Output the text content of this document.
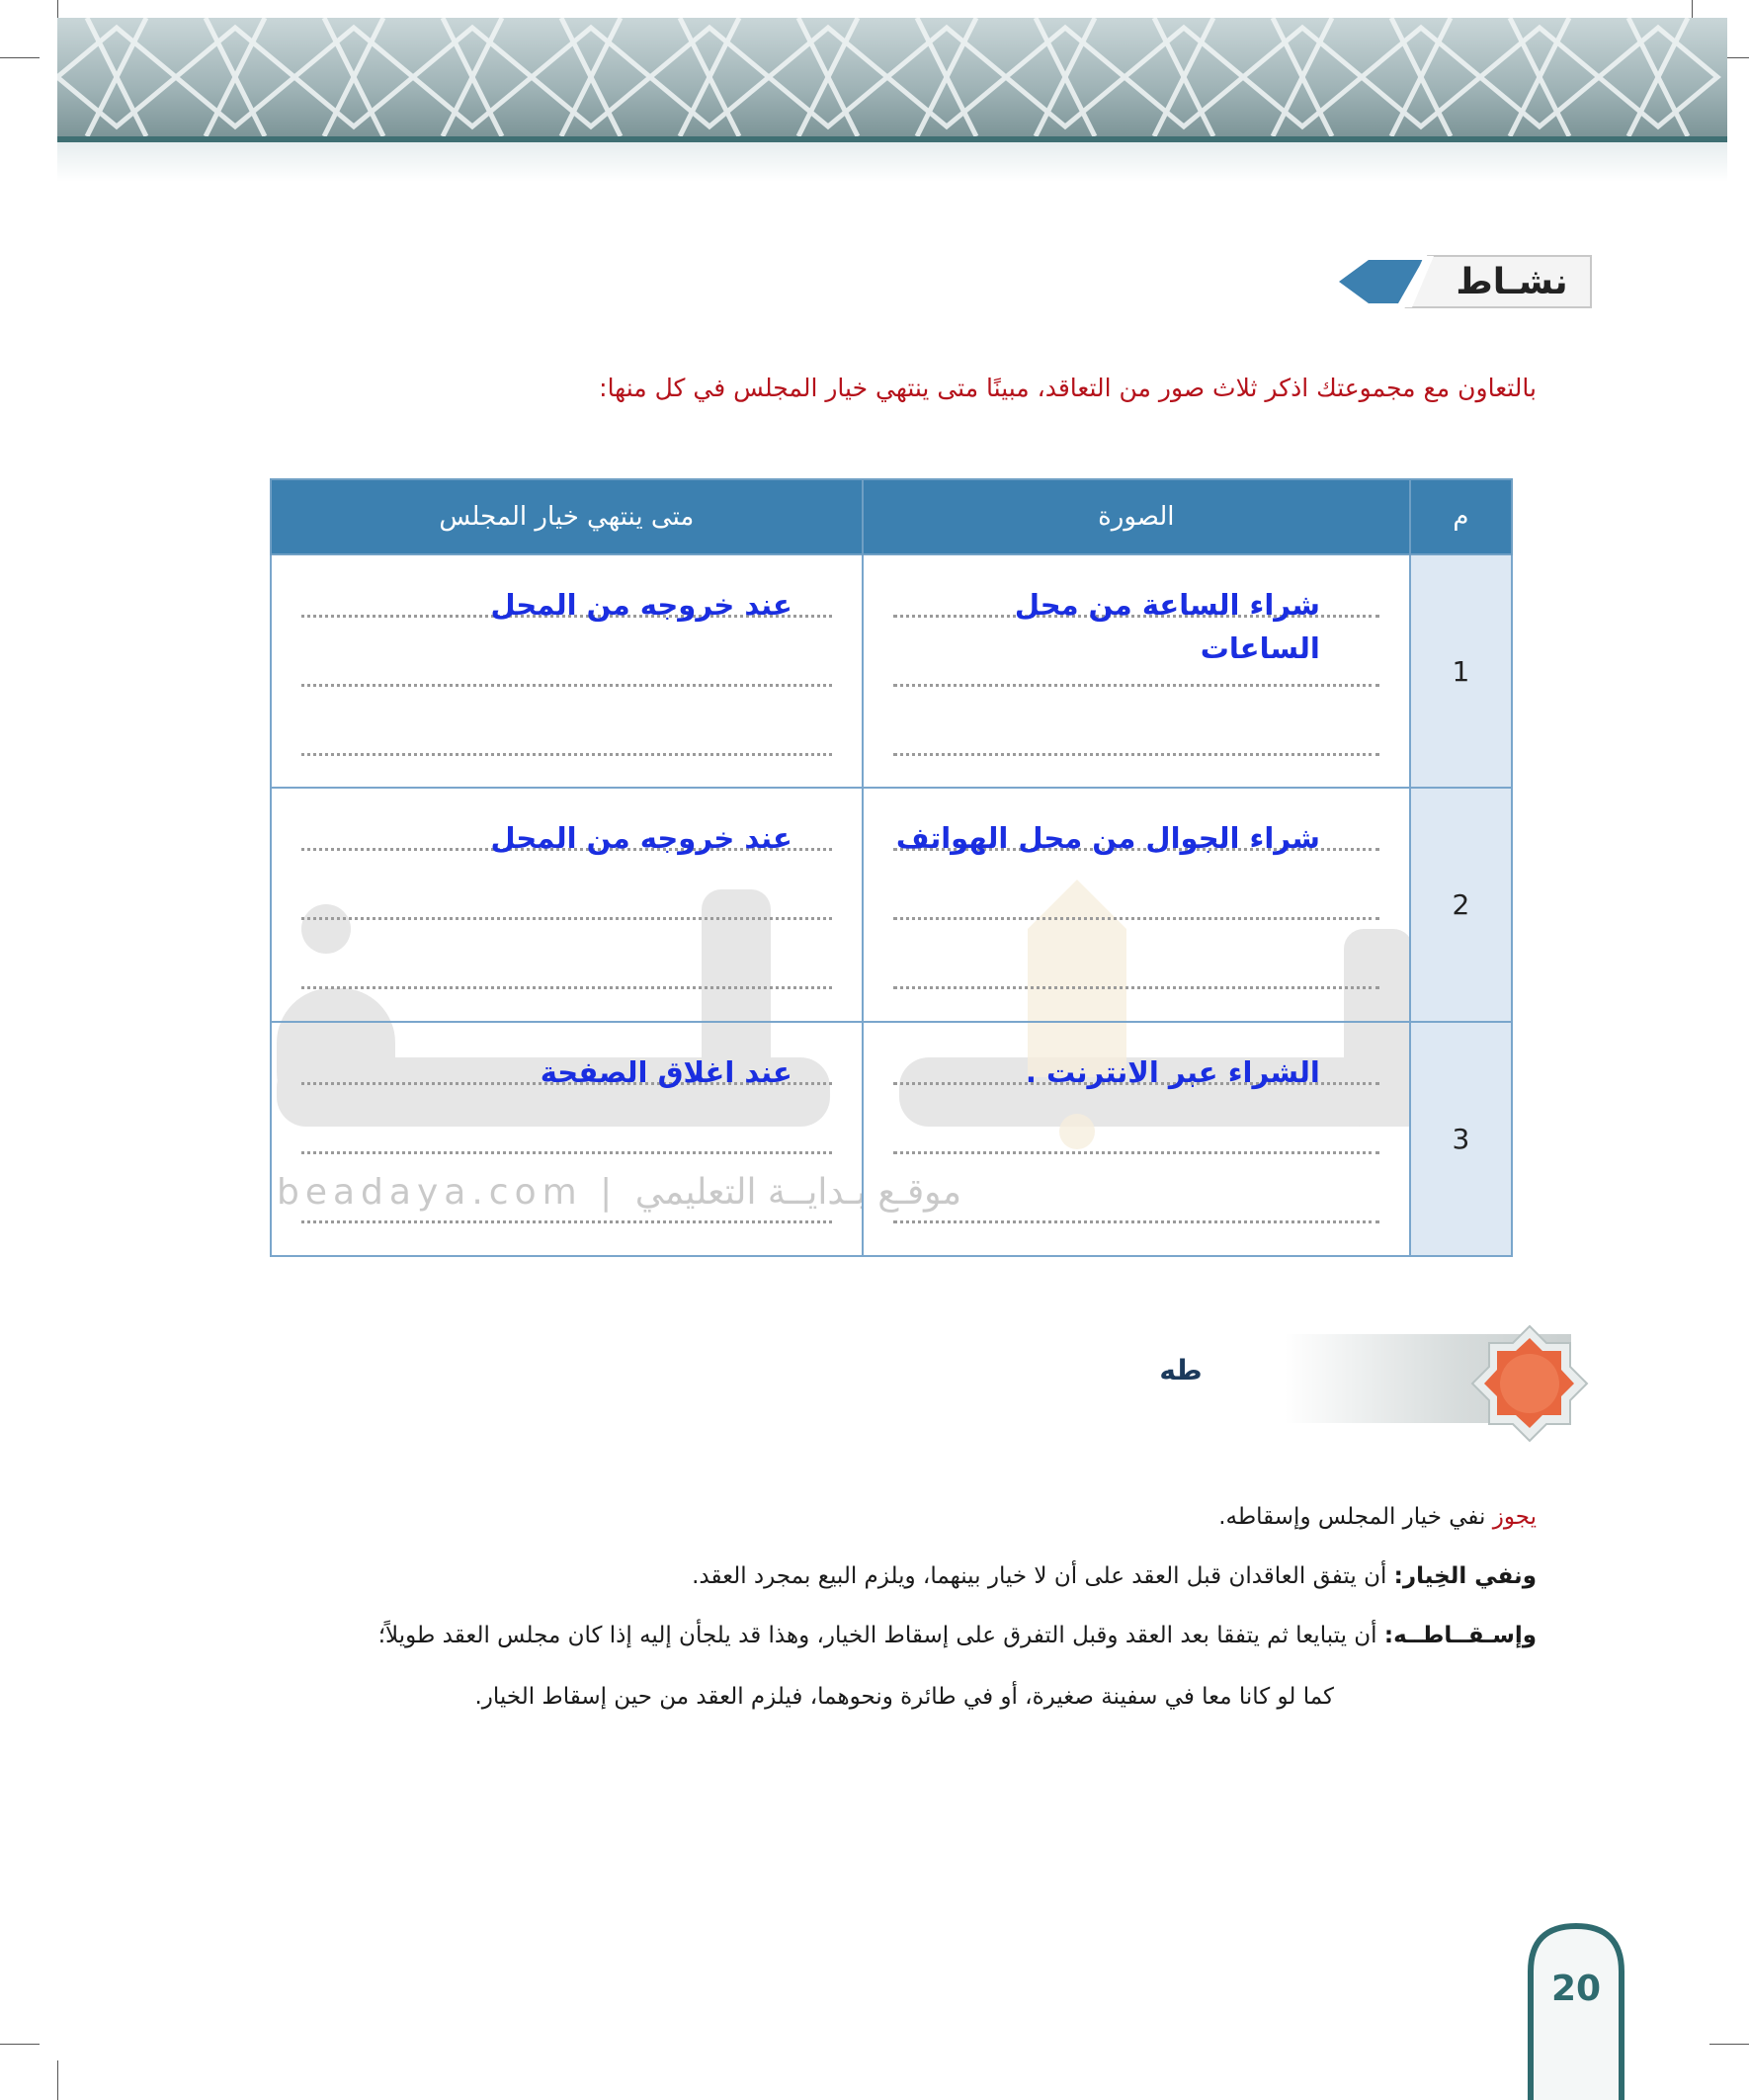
نشـاط
بالتعاون مع مجموعتك اذكر ثلاث صور من التعاقد، مبينًا متى ينتهي خيار المجلس في كل منها:
beadaya.com | موقـع بـدايــة التعليمي
م	الصورة	متى ينتهي خيار المجلس
1	شراء الساعة من محل الساعات	عند خروجه من المحل

2	شراء الجوال من محل الهواتف	عند خروجه من المحل

3	الشراء عبر الانترنت .	عند اغلاق الصفحة
طه
يجوز نفي خيار المجلس وإسقاطه.
ونفي الخِيار: أن يتفق العاقدان قبل العقد على أن لا خيار بينهما، ويلزم البيع بمجرد العقد.
وإسـقــاطــه: أن يتبايعا ثم يتفقا بعد العقد وقبل التفرق على إسقاط الخيار، وهذا قد يلجأن إليه إذا كان مجلس العقد طويلاً؛
كما لو كانا معا في سفينة صغيرة، أو في طائرة ونحوهما، فيلزم العقد من حين إسقاط الخيار.
20
